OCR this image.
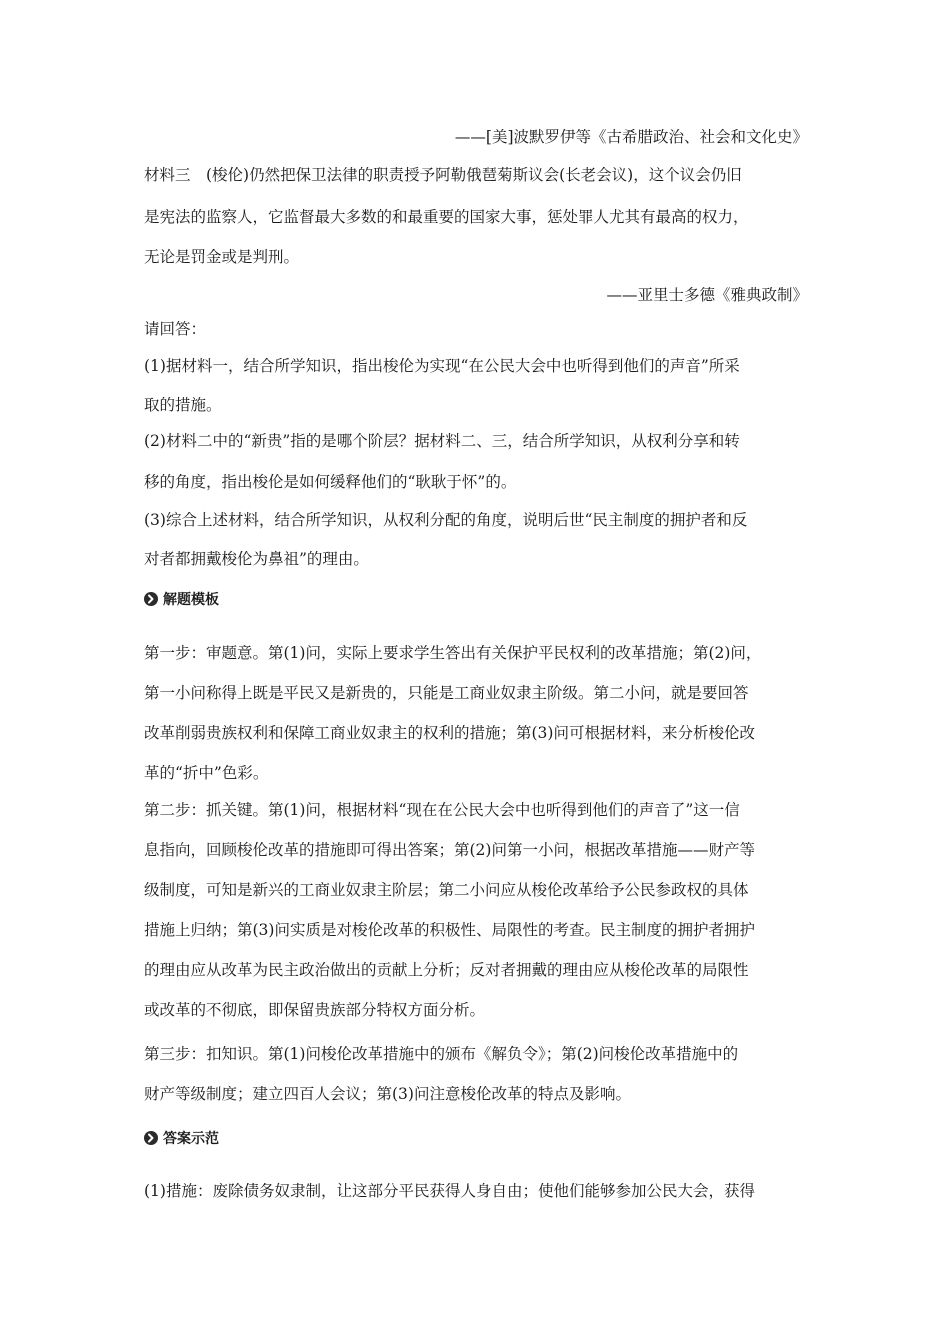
——[美]波默罗伊等《古希腊政治、社会和文化史》
材料三　(梭伦)仍然把保卫法律的职责授予阿勒俄琶菊斯议会(长老会议)，这个议会仍旧
是宪法的监察人，它监督最大多数的和最重要的国家大事，惩处罪人尤其有最高的权力，
无论是罚金或是判刑。
——亚里士多德《雅典政制》
请回答：
(1)据材料一，结合所学知识，指出梭伦为实现“在公民大会中也听得到他们的声音”所采
取的措施。
(2)材料二中的“新贵”指的是哪个阶层？据材料二、三，结合所学知识，从权利分享和转
移的角度，指出梭伦是如何缓释他们的“耿耿于怀”的。
(3)综合上述材料，结合所学知识，从权利分配的角度，说明后世“民主制度的拥护者和反
对者都拥戴梭伦为鼻祖”的理由。
解题模板
第一步：审题意。第(1)问，实际上要求学生答出有关保护平民权利的改革措施；第(2)问，
第一小问称得上既是平民又是新贵的，只能是工商业奴隶主阶级。第二小问，就是要回答
改革削弱贵族权利和保障工商业奴隶主的权利的措施；第(3)问可根据材料，来分析梭伦改
革的“折中”色彩。
第二步：抓关键。第(1)问，根据材料“现在在公民大会中也听得到他们的声音了”这一信
息指向，回顾梭伦改革的措施即可得出答案；第(2)问第一小问，根据改革措施——财产等
级制度，可知是新兴的工商业奴隶主阶层；第二小问应从梭伦改革给予公民参政权的具体
措施上归纳；第(3)问实质是对梭伦改革的积极性、局限性的考查。民主制度的拥护者拥护
的理由应从改革为民主政治做出的贡献上分析；反对者拥戴的理由应从梭伦改革的局限性
或改革的不彻底，即保留贵族部分特权方面分析。
第三步：扣知识。第(1)问梭伦改革措施中的颁布《解负令》；第(2)问梭伦改革措施中的
财产等级制度；建立四百人会议；第(3)问注意梭伦改革的特点及影响。
答案示范
(1)措施：废除债务奴隶制，让这部分平民获得人身自由；使他们能够参加公民大会，获得
